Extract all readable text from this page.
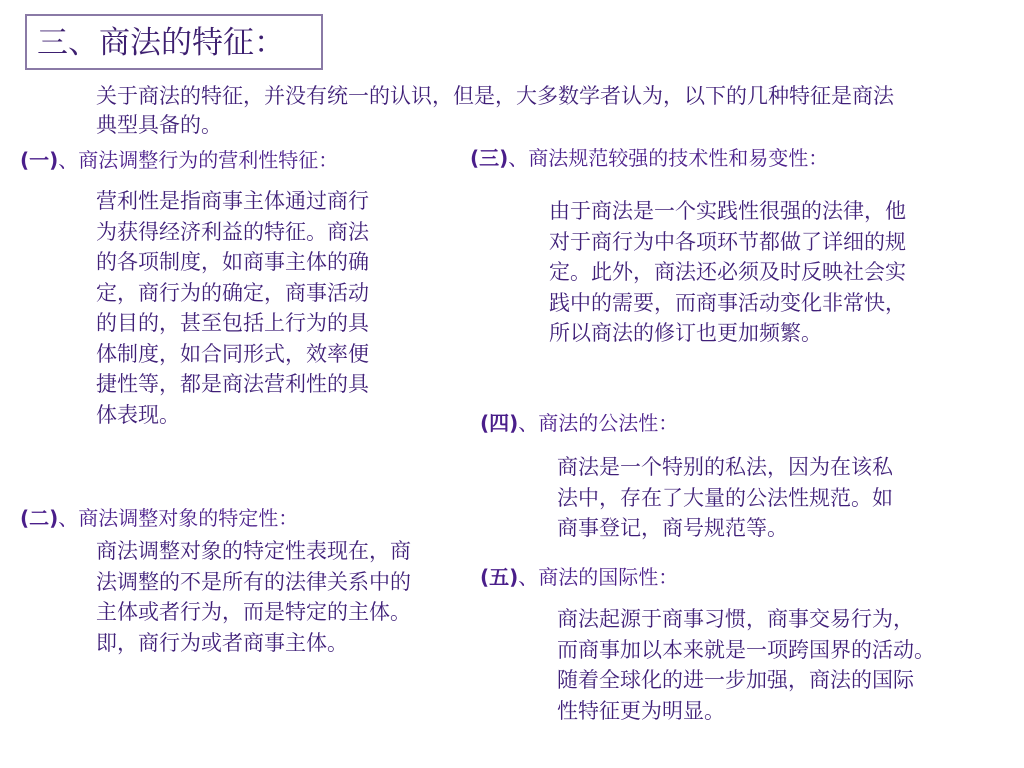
三、商法的特征：
关于商法的特征，并没有统一的认识，但是，大多数学者认为，以下的几种特征是商法典型具备的。
(一)、商法调整行为的营利性特征：
营利性是指商事主体通过商行
为获得经济利益的特征。商法
的各项制度，如商事主体的确
定，商行为的确定，商事活动
的目的，甚至包括上行为的具
体制度，如合同形式，效率便
捷性等，都是商法营利性的具
体表现。
(二)、商法调整对象的特定性：
商法调整对象的特定性表现在，商
法调整的不是所有的法律关系中的
主体或者行为，而是特定的主体。
即，商行为或者商事主体。
(三)、商法规范较强的技术性和易变性：
由于商法是一个实践性很强的法律，他
对于商行为中各项环节都做了详细的规
定。此外，商法还必须及时反映社会实
践中的需要，而商事活动变化非常快，
所以商法的修订也更加频繁。
(四)、商法的公法性：
商法是一个特别的私法，因为在该私
法中，存在了大量的公法性规范。如
商事登记，商号规范等。
(五)、商法的国际性：
商法起源于商事习惯，商事交易行为，
而商事加以本来就是一项跨国界的活动。
随着全球化的进一步加强，商法的国际
性特征更为明显。
